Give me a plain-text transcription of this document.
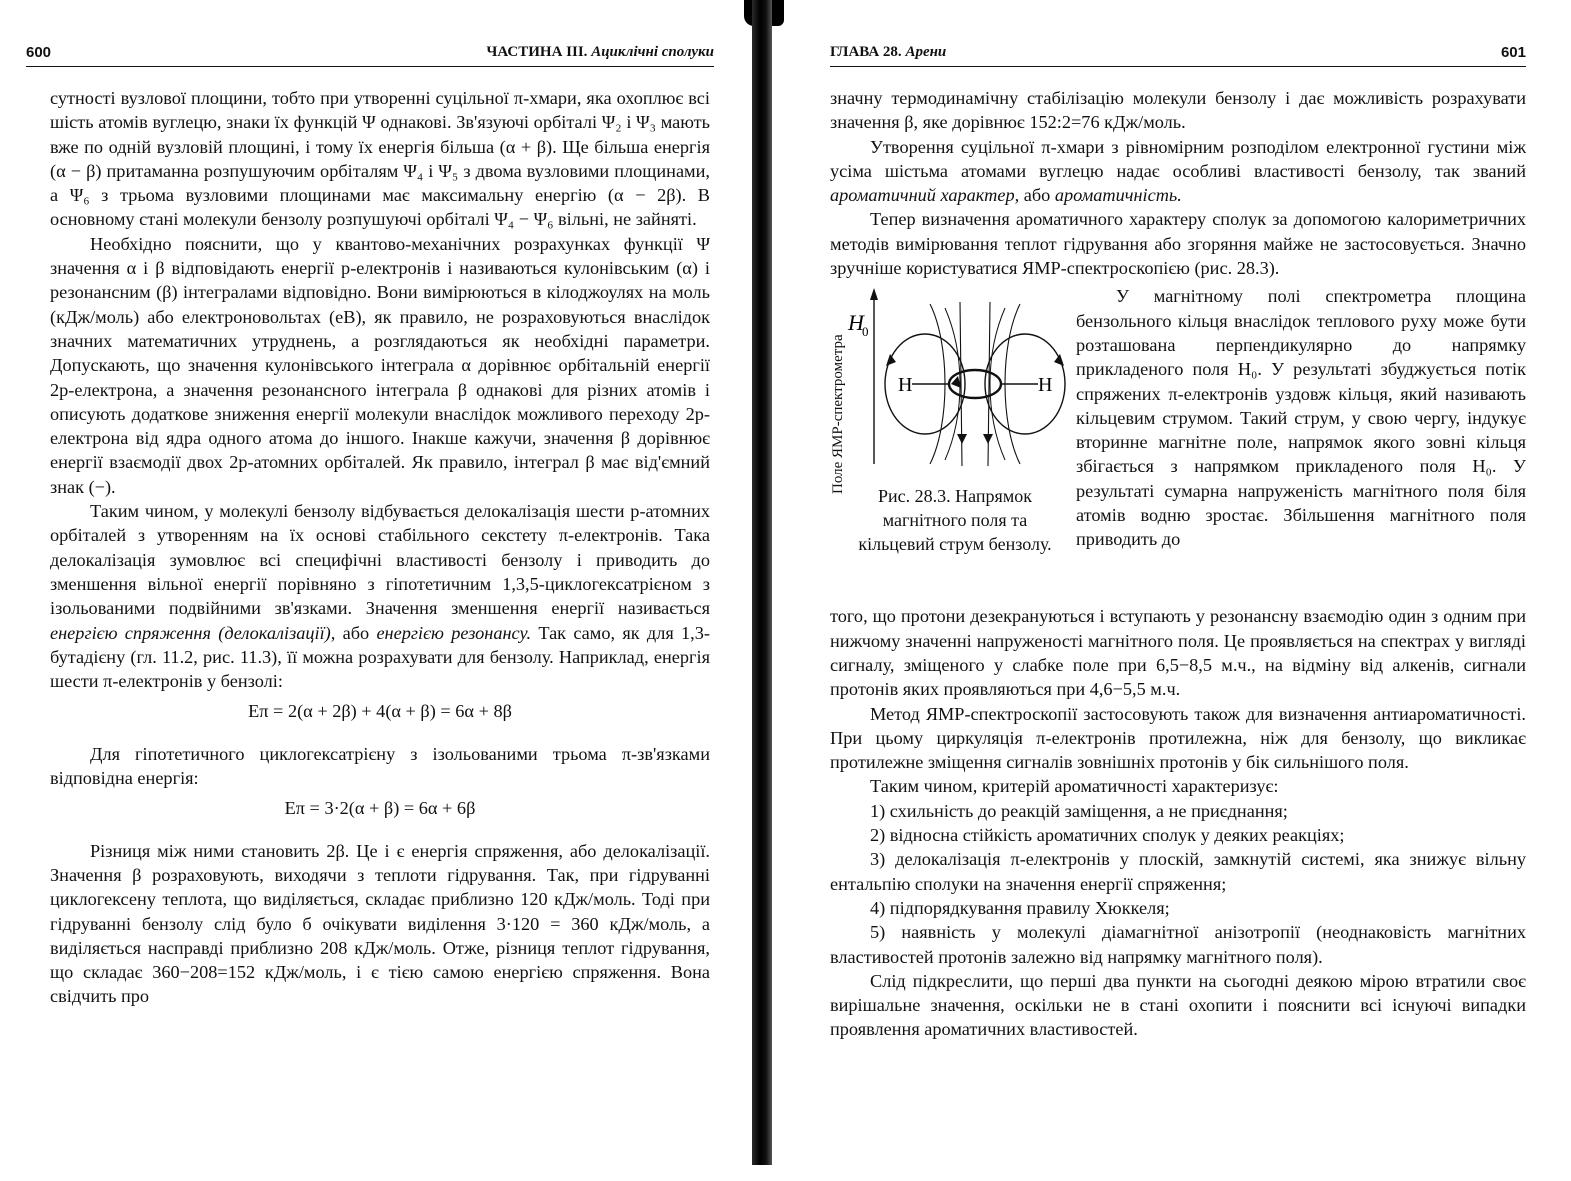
600	ЧАСТИНА III. Ациклічні сполуки

сутності вузлової площини, тобто при утворенні суцільної π-хмари, яка охоплює всі шість атомів вуглецю, знаки їх функцій Ψ однакові. Зв'язуючі орбіталі Ψ₂ і Ψ₃ мають вже по одній вузловій площині, і тому їх енергія більша (α + β). Ще більша енергія (α − β) притаманна розпушуючим орбіталям Ψ₄ і Ψ₅ з двома вузловими площинами, а Ψ₆ з трьома вузловими площинами має максимальну енергію (α − 2β). В основному стані молекули бензолу розпушуючі орбіталі Ψ₄ − Ψ₆ вільні, не зайняті.

Необхідно пояснити, що у квантово-механічних розрахунках функції Ψ значення α і β відповідають енергії p-електронів і називаються кулонівським (α) і резонансним (β) інтегралами відповідно. Вони вимірюються в кілоджоулях на моль (кДж/моль) або електроновольтах (еВ), як правило, не розраховуються внаслідок значних математичних утруднень, а розглядаються як необхідні параметри. Допускають, що значення кулонівського інтеграла α дорівнює орбітальній енергії 2p-електрона, а значення резонансного інтеграла β однакові для різних атомів і описують додаткове зниження енергії молекули внаслідок можливого переходу 2p-електрона від ядра одного атома до іншого. Інакше кажучи, значення β дорівнює енергії взаємодії двох 2p-атомних орбіталей. Як правило, інтеграл β має від'ємний знак (−).

Таким чином, у молекулі бензолу відбувається делокалізація шести p-атомних орбіталей з утворенням на їх основі стабільного секстету π-електронів. Така делокалізація зумовлює всі специфічні властивості бензолу і приводить до зменшення вільної енергії порівняно з гіпотетичним 1,3,5-циклогексатрієном з ізольованими подвійними зв'язками. Значення зменшення енергії називається енергією спряження (делокалізації), або енергією резонансу. Так само, як для 1,3-бутадієну (гл. 11.2, рис. 11.3), її можна розрахувати для бензолу. Наприклад, енергія шести π-електронів у бензолі:

Eπ = 2(α + 2β) + 4(α + β) = 6α + 8β

Для гіпотетичного циклогексатрієну з ізольованими трьома π-зв'язками відповідна енергія:

Eπ = 3·2(α + β) = 6α + 6β

Різниця між ними становить 2β. Це і є енергія спряження, або делокалізації. Значення β розраховують, виходячи з теплоти гідрування. Так, при гідруванні циклогексену теплота, що виділяється, складає приблизно 120 кДж/моль. Тоді при гідруванні бензолу слід було б очікувати виділення 3·120 = 360 кДж/моль, а виділяється насправді приблизно 208 кДж/моль. Отже, різниця теплот гідрування, що складає 360−208=152 кДж/моль, і є тією самою енергією спряження. Вона свідчить про

ГЛАВА 28. Арени	601

значну термодинамічну стабілізацію молекули бензолу і дає можливість розрахувати значення β, яке дорівнює 152:2=76 кДж/моль.

Утворення суцільної π-хмари з рівномірним розподілом електронної густини між усіма шістьма атомами вуглецю надає особливі властивості бензолу, так званий ароматичний характер, або ароматичність.

Тепер визначення ароматичного характеру сполук за допомогою калориметричних методів вимірювання теплот гідрування або згоряння майже не застосовується. Значно зручніше користуватися ЯМР-спектроскопією (рис. 28.3).

Поле ЯМР-спектрометра
H
0
H	H
Рис. 28.3. Напрямок
магнітного поля та кільцевий струм бензолу.

У магнітному полі спектрометра площина бензольного кільця внаслідок теплового руху може бути розташована перпендикулярно до напрямку прикладеного поля H₀. У результаті збуджується потік спряжених π-електронів уздовж кільця, який називають кільцевим струмом. Такий струм, у свою чергу, індукує вторинне магнітне поле, напрямок якого зовні кільця збігається з напрямком прикладеного поля H₀. У результаті сумарна напруженість магнітного поля біля атомів водню зростає. Збільшення магнітного поля приводить до

того, що протони дезекрануються і вступають у резонансну взаємодію один з одним при нижчому значенні напруженості магнітного поля. Це проявляється на спектрах у вигляді сигналу, зміщеного у слабке поле при 6,5−8,5 м.ч., на відміну від алкенів, сигнали протонів яких проявляються при 4,6−5,5 м.ч.

Метод ЯМР-спектроскопії застосовують також для визначення антиароматичності. При цьому циркуляція π-електронів протилежна, ніж для бензолу, що викликає протилежне зміщення сигналів зовнішніх протонів у бік сильнішого поля.

Таким чином, критерій ароматичності характеризує:

1) схильність до реакцій заміщення, а не приєднання;

2) відносна стійкість ароматичних сполук у деяких реакціях;

3) делокалізація π-електронів у плоскій, замкнутій системі, яка знижує вільну ентальпію сполуки на значення енергії спряження;

4) підпорядкування правилу Хюккеля;

5) наявність у молекулі діамагнітної анізотропії (неоднаковість магнітних властивостей протонів залежно від напрямку магнітного поля).

Слід підкреслити, що перші два пункти на сьогодні деякою мірою втратили своє вирішальне значення, оскільки не в стані охопити і пояснити всі існуючі випадки проявлення ароматичних властивостей.
